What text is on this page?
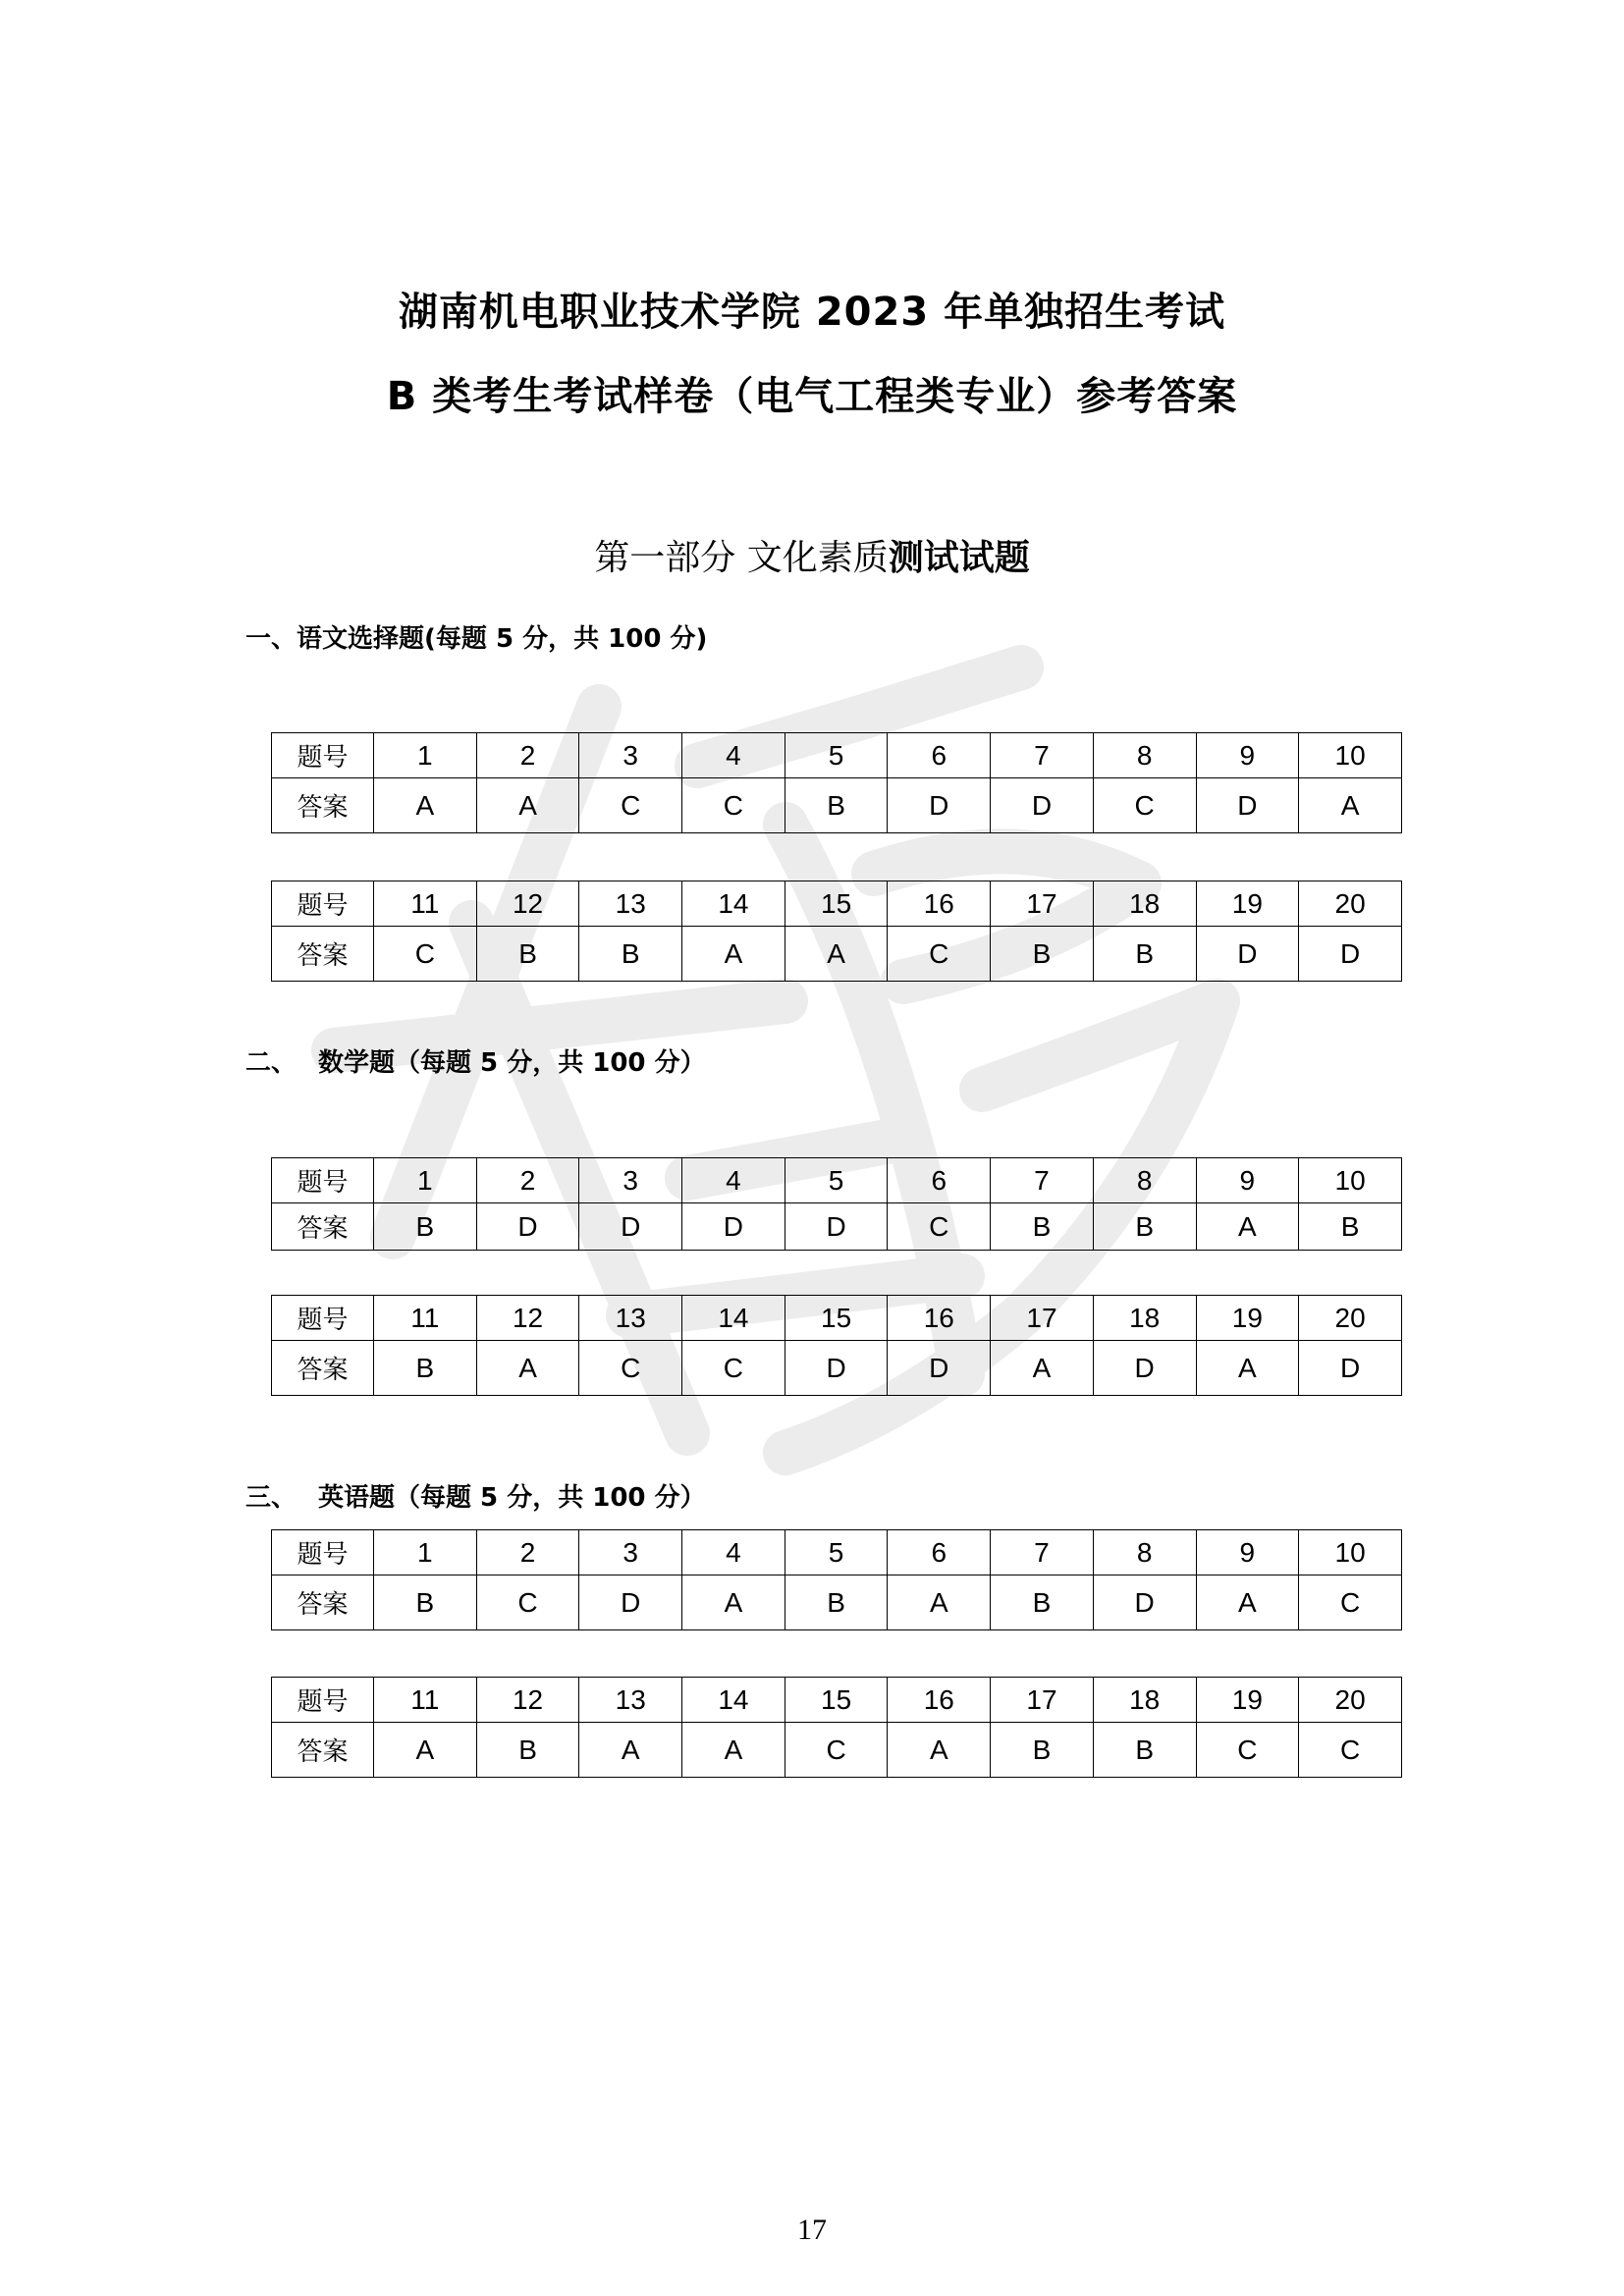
湖南机电职业技术学院 2023 年单独招生考试
B 类考生考试样卷（电气工程类专业）参考答案
第一部分 文化素质测试试题
一、语文选择题(每题 5 分，共 100 分)
二、 数学题（每题 5 分，共 100 分）
三、 英语题（每题 5 分，共 100 分）
题号	1	2	3	4	5	6	7	8	9	10
答案	A	A	C	C	B	D	D	C	D	A
题号	11	12	13	14	15	16	17	18	19	20
答案	C	B	B	A	A	C	B	B	D	D
题号	1	2	3	4	5	6	7	8	9	10
答案	B	D	D	D	D	C	B	B	A	B
题号	11	12	13	14	15	16	17	18	19	20
答案	B	A	C	C	D	D	A	D	A	D
题号	1	2	3	4	5	6	7	8	9	10
答案	B	C	D	A	B	A	B	D	A	C
题号	11	12	13	14	15	16	17	18	19	20
答案	A	B	A	A	C	A	B	B	C	C
17
